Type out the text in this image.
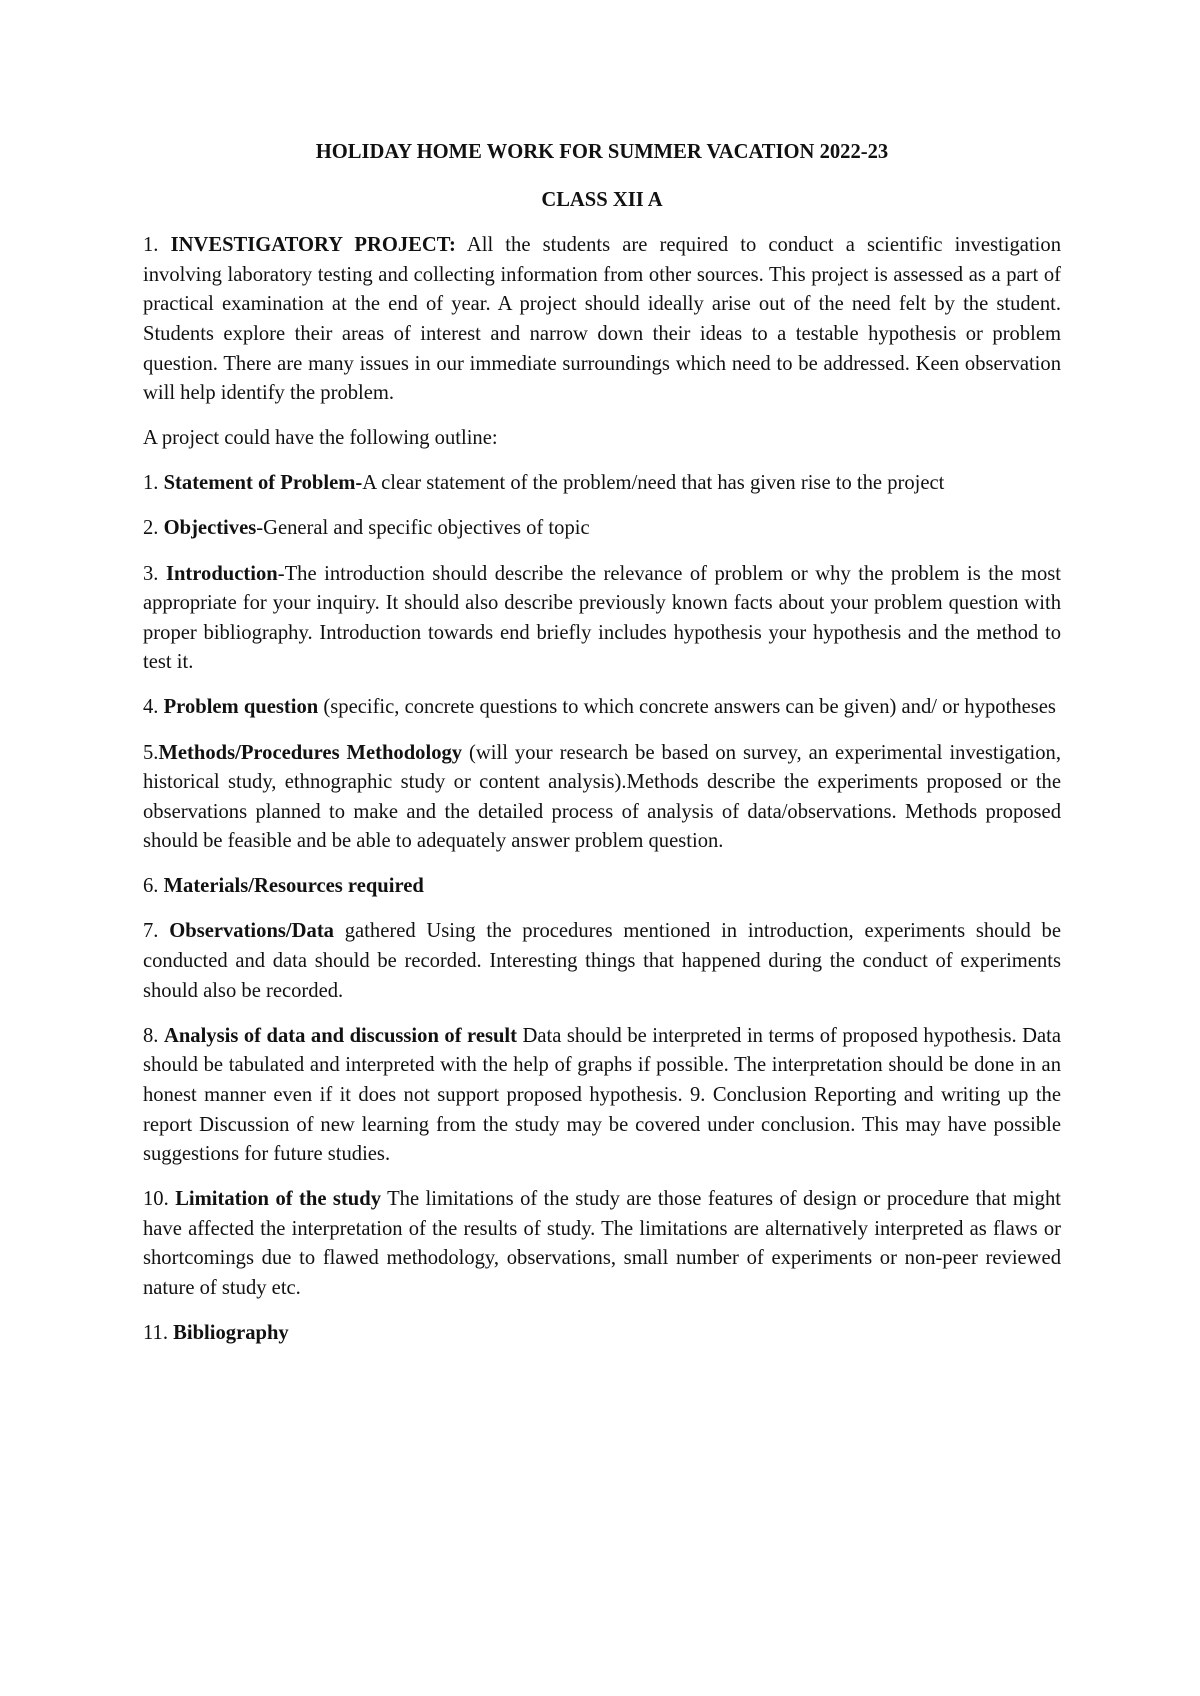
HOLIDAY HOME WORK FOR SUMMER VACATION 2022-23
CLASS XII A

1. INVESTIGATORY PROJECT: All the students are required to conduct a scientific investigation involving laboratory testing and collecting information from other sources. This project is assessed as a part of practical examination at the end of year. A project should ideally arise out of the need felt by the student. Students explore their areas of interest and narrow down their ideas to a testable hypothesis or problem question. There are many issues in our immediate surroundings which need to be addressed. Keen observation will help identify the problem.

A project could have the following outline:

1. Statement of Problem-A clear statement of the problem/need that has given rise to the project

2. Objectives-General and specific objectives of topic

3. Introduction-The introduction should describe the relevance of problem or why the problem is the most appropriate for your inquiry. It should also describe previously known facts about your problem question with proper bibliography. Introduction towards end briefly includes hypothesis your hypothesis and the method to test it.

4. Problem question (specific, concrete questions to which concrete answers can be given) and/ or hypotheses

5.Methods/Procedures Methodology (will your research be based on survey, an experimental investigation, historical study, ethnographic study or content analysis).Methods describe the experiments proposed or the observations planned to make and the detailed process of analysis of data/observations. Methods proposed should be feasible and be able to adequately answer problem question.

6. Materials/Resources required

7. Observations/Data gathered Using the procedures mentioned in introduction, experiments should be conducted and data should be recorded. Interesting things that happened during the conduct of experiments should also be recorded.

8. Analysis of data and discussion of result Data should be interpreted in terms of proposed hypothesis. Data should be tabulated and interpreted with the help of graphs if possible. The interpretation should be done in an honest manner even if it does not support proposed hypothesis. 9. Conclusion Reporting and writing up the report Discussion of new learning from the study may be covered under conclusion. This may have possible suggestions for future studies.

10. Limitation of the study The limitations of the study are those features of design or procedure that might have affected the interpretation of the results of study. The limitations are alternatively interpreted as flaws or shortcomings due to flawed methodology, observations, small number of experiments or non-peer reviewed nature of study etc.

11. Bibliography
